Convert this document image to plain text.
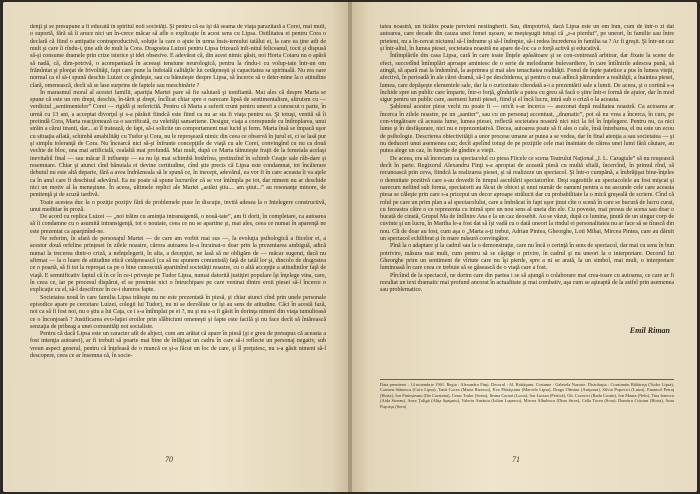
denţi şi se presupune a fi educată în spiritul noii societăţi. Şi pentru că ea îşi dă seama de viaţa parazitară a Corei, mai mult, o suportă, fără să îi aruce nici un în-cerce măcar să afle o explicaţie în acest sens cu Lipsa. Ostilitatea ei pentru Cora o declară că fiind o antipatie contraproductivă, soluţie la care o ajute în urma însis-temului tatălui ei, la care ea ţine atît de mult şi care îi rîndu-i, ţine atît de mult la Cora. Dragostea Luizei pentru Lipsa frizează infi-nitul feliceanul, tocit şi dispusă să-şi consume dramele prin crize isterice şi idei obsesive. E adevărat că, din acest nimic găsit, noi Horia Cotaru nu o apără să nadă, că, dim-potrivă, o acompaniază în aceeaşi tensiune neurologică, pentru la rîndu-i cu volup-tate într-un om frămîntat şi plonjat de frivolităţi, fapt care pune la îndoială calităţile lui cetăţeneşti şi capacitatea sa spirituală. Nu era oare normal ca el să-i spună deschis Luizei ce gîndeşte, sau cu bănuieşte despre Lipsa, să încerce să o deter-mine la o atitudine clară, omenească, decît să se lase surprins de faptele sau meschinărie ?

În marasmul moral al acestei familii, apariţia Martei pare să fie salutară şi tonifiantă. Mai ales că despre Marta se spune că este un om drept, deschis, în-tărit şi drept, încîlcat chiar spre o oarecare lipsă de sentimentalism, altruism cu — verdictul „sentimentelor” Corei — rigidă şi nefericită. Pentru că Marta a suferit crunt pentru uneori a cunoscut o parte, în urmă cu 13 ani, a acceptat divorţul şi s-a părăsit fiindcă este fiind ca nu ar sta fi viaţa pentru ea. Şi totuşi, venită să îi pretindă Cora, Marta reacţionează ca o sacrificată, cu veleităţi samaritene. Desigur, viaţa a corespunde cu întîmplarea, unui străin a cărui tiranii, dar... ai îl tratează, de fapt, să-i solicite un comportament mai lucid şi ferm. Marta însă se împacă uşor cu situaţia aflată, schimbă amabilităţi cu Tudor şi Cora, nu le reproşează nimic din ceea ce observă în jurul ei, ci se lasă pur şi simplu toleranţă de Cora. Nu încearcă nici să-şi înfrunte concepţiile de viaţă cu ale Corei, convingînd cu nu ca două vechie de bloc, una mai artificială, cealaltă mai profundă. Mai mult, după ce Marta tăinuieşte fraţii de la femeiala acelaşi inevitabil final — sau măcar îl influenţe — ea nu îşi mai schimbă hotărîrea, pretinzînd în schimb Ceaţie sale răb-dare şi resemnare. Chiar şi atunci cînd bănuiala ei devine certitudine, cînd ştie precis că Lipsa este condamnat, tot încăierare debutul nu este altă deparie, fără a avea îndrăzneala să le spună ce, în inecept, adevărul, ea vor fi în care aceasta îi va aţele ca în anul care fi deschisul adevărul. Ea nu poate să spune lucrurilor că se vor întîmpla pe tot, dar nimeni nu ar deschide nici un motiv al la meneşiune. În aceea, ultimele replici ale Martei „astăzi ştiu.... am ştiut...” au resonanţe minore, de penitenţă şi de scuză tardivă.

Toate acestea duc la o poziţie poziţiv fără de problemele puse în discuţie, invită adesea la o Intelegere constructivă, unui meditiar în proză.

De acord cu replica Luizei — „noi trăim cu aminţia intransigentă, o nouă-tate”, am fi dorit, în completare, ca autoarea să îi condamne cu o asumită intransigenţă, tot o noutate, ceea ce nu se apartine şi, mai ales, ceea ce numai în aparenţă ne este prezentat ca aparţinînd-ne.

Ne referim, în afară de personajul Martei — de care am vorbit mai sus —, la evoluţia psihologică a fiicelor ei, a acestor două orfeline prinţesei în zilele noastre, cărora autoarea le-a încuinat-o doar prin la prezentarea ambiguă, adică numai la trecerea dintr-o criză, a neînţelegerii, în alta, a decepţiei, ne lasă să ne obligăm de — măcar sugerat, dacă nu afirmat — la o luare de atitudine etică cetăţenească (ca să nu spunem comunistă) faţă de tatăl lor şi, dincolo de dragostea ce o poartă, să fi tot la reproşat ca pe o bine cunoscută apartinînd societăţii noastre, cu o altă accepţie a atitudinilor faţă de viaţă. E semnificativ faptul că în ce în ce-i priveşte pe Tudor Lipsa, numai datorită justiţiei populare îşi înţelege vina, care, în ceea ce, iar pe procesul dispărut, el se presimte nici o întruchipare pe care veninai dintre eroii piesei să-l încerce o explicaţie cu el, să-l descifreze în ce-i dureros fapte.

Societatea nouă în care familia Lipsa trăieşte nu ne este prezentată în piesă, şi chiar atunci cînd prin unele personale episodice apare pe cercetare Luizei, colegii lui Tudor), nu ni se dezvăluie ce îşi au sens de atitudine. Căci în acestă fază, noi ca să fi fost noi, nu o ştiu a lui Caţa, ce i s-a întîmplat pe ei ?, nu şi nu s-a fi găsit în dorinţa nimeni din viaţa tumultoasă ce o înconjoară ? Justificarea evo-luţiei eroilor prin slăbiciuni omeneşti şi fapte este facilă şi nu face decît să întărească senzaţia de pribeag a unei comunităţi noi socialiste.

Pentru că dacă Lipsa este un caracter atît de abject, cum am arătat că apare în piesă (şi e greu de presupus că aceasta a fost intenţia autoarei), ar fi trebuit să poarte mai bine de înfăţişat un cadru în care să-i reflecte un personaj negativ, sub vreun aspect general, pentru că înţeleasă de o muncă ce şi-a făcut un loc de care, şi îl preţuiesc, nu s-a găsit nimeni să-l descopere, ceea ce ar însemna că, în socie-

70

tatea noastră, un ticălos poate pervieni nestingherit. Sau, dimpotrivă, dacă Lipsa este un om bun, cum de într-o zi dat autoarea, care decade din cauza unei femei uşoare, se meşteşugit totuşi că „s-a pierdut”, pe uneori, în familie sau între prieteni, nu a în-cercat niciunul să-l îndrume şi să-l îndrepte, să-i redea încrederea în familia sa ? Ar fi greşit. Şi într-un caz şi într-altul, în lumea piesei, societatea noastră nu apare de-loc ca o forţă activă şi educativă.

Întîmplările din casa Lipsa, cară în care toate lînţele apăsătoare şi se con-centrează arbitrar, dar fixate la scene de efect, succedînd întîmplări aproape amintesc de o serie de melodrame bulevardiere, în care întîlnirile adescea pună, să atingă, să apară mai la îndemînă, la asprimea şi mai ales tenacitatea realităţii. Fonul de fapte patetice a pus în lumea vieţii, afectivă, în perioadă în ale cărei dramă, să-l pe deschiderea, şi pentru o mai adîncă pătrundere a realităţii, a înaintea piesei, lumea, care depăşeşte elementele sale, dar la o curiozitate cîteodată a-i a prezentării sale a lumii. De aceea, şi o cortină s-a închide spre un public care împarte, într-o forţă, gîndurile a putea cu greu să facă o ştire într-o formă de ajutor, dar în mod sigur pentru un public care, asemeni lumii piesei, fiind şi el încă lucru, intră sub o criză o la aceasta.

Şablonul acestor piese vechi nu poate fi — oricît s-ar încerca — asezonat după realitatea noastră. Ca actoarea ar încerca în zilele noastre, pe un „santier”, sau cu un personaj accentuat, „dramatic”, pot să nu vrea a încerca, în curs, pe con-vingătoare că aceasta lume, lumea piesei, reflectă societatea noastră nici nici la fel în înţelegere. Pentru nu, ca nici lume şi în desfăşurare, nici nu e reprezentativă. Decea, autoarea poate să fi ales o cale, însă întrebarea, el nu este un ecou de psihologie. Descrierea obiectivităţii a unor procese umane ar putea a se vedea, dar în final atenţia a sau societatea — şi nu deduceri unui asemenea caz; decît apelînd totuşi de pe poziţiile cele mai înaintate de cătrea unei lumi fără căutare, au putea alege un caz, în funcţie de gîndire a vieţii.

De aceea, era să încercam ca spectacolul cu piesa Fiicele ce scena Teatrului Naţional „I. L. Caragiale” să nu reuşească decît în parte. Regizorul Alexandru Finţi s-a apropiat de această piesă cu multă sfială, încercînd, în primul rînd, să recunoască prin ceva, fiindcă la realizarea piesei, şi să realizeze un spectacol. Şi într-o cumpănă, a îmbrăţişat bine-înţeles o demnitate pozitivă care s-au dovedit în timpul ascultării spectatorilor. Deşi sugestiile au spectacolele au fost mişcat şi oarecum nefiind sub forma, spectatorii au făcut de obicei şi unui număr de oameni pentru a nu ascunde cele care aceasta piesa se căleşte prin care s-a priceput un decor aproape strălucit dar cu probabilitate la o mică greşeală de scriere. Cînd că rolul pe care un prim plan a al spectacolului, care a îmbrăcat în fapt uşor ţinut cîte o scenă în care se bucură de lucru curat, cu fereastra către o ce reprezenta cu inimă spre un nou sens al uneia din ele. Cu poveste, mai presus de scena sau doar o bucată de cinstă, Grupul Ma de întîlnire Ana e la un caz deosebit. Au se văzut, după ce lumina, ţinută de un singur corp de cuvinte şi un lucru, în Martha le-a fost dat să îşi vadă cu o dată uneori la rindul ei personalitatea nu ar face să se tîrască din nou. Cît de doar au fost, cum aşa o „Marta a-ţi trebui, Adrian Pintea, Gheorghe, Loti Mihai, Mircea Pintea, care au dăruit un spectacol echilibrat şi în mare măsură convingător.

Pînă la o adaptare şi la cadrul sau la o demonstraţie, care nu încă o cerinţă în sens de spectacol, dar mai cu sens în bun potrivire, măsura mai mult, cum pentru să se câştige o privire, în cadrul şi nu uneori la o interpretare. Decorul lui Gheorghe prim un sentiment de vîrtute care nu îşi pierde, spre a ni se arată, la un simbol, mai mult, o interpretare luminoasă în care ceea ce trebuie să se găsească de o viaţă care a fost.

Pîrcîind de la spectacol, ne dorim care din partea i se să ajungă o colaborare mai crea-toare cu autoarea, ce care ar fi rezultat un text dramatic mai profund ancorat în actualitate şi mai combativ, aşa cum se aşteaptă de la astfel prin asemenea sau problematice.

Emil Riman
Data premierei : 14 noiembrie 1961. Regia : Alexandru Finţi. Decorul : Al. Brătăşanu. Costume : Gabriela Nazarie. Distribuţia : Constantin Băltăreţu (Tudor Lipsa), Carmen Stănescu (Cora Lipsa), Tanti Cocea (Marta Rizescu), Eva Pătrăşcanu (Marcela Lipsa), Draga Olteanu (Anişoara), Silvia Popovici (Luiza), Emanoil Petruţ (Horia), Ion Finteşteanu (Ilie Caratanu), Cezar Tudor (Sorin), Ileana Cernat (Lucia), Ion Lucian (Petrică), Gh. Cozorici (Radu Costin), Ion Manta (Nelu), Tina Ionescu (Aida Stoean), Anca Ţuligă (Aliţa Spaţariu), Valeriu Arnăutu (Iulian Lupescu), Mircea Albulescu (Dinu Stroe), Cella Tocea (Sora), Dumitru Crăciun (Horia), Aura Puşcaşu (Sora)
71
